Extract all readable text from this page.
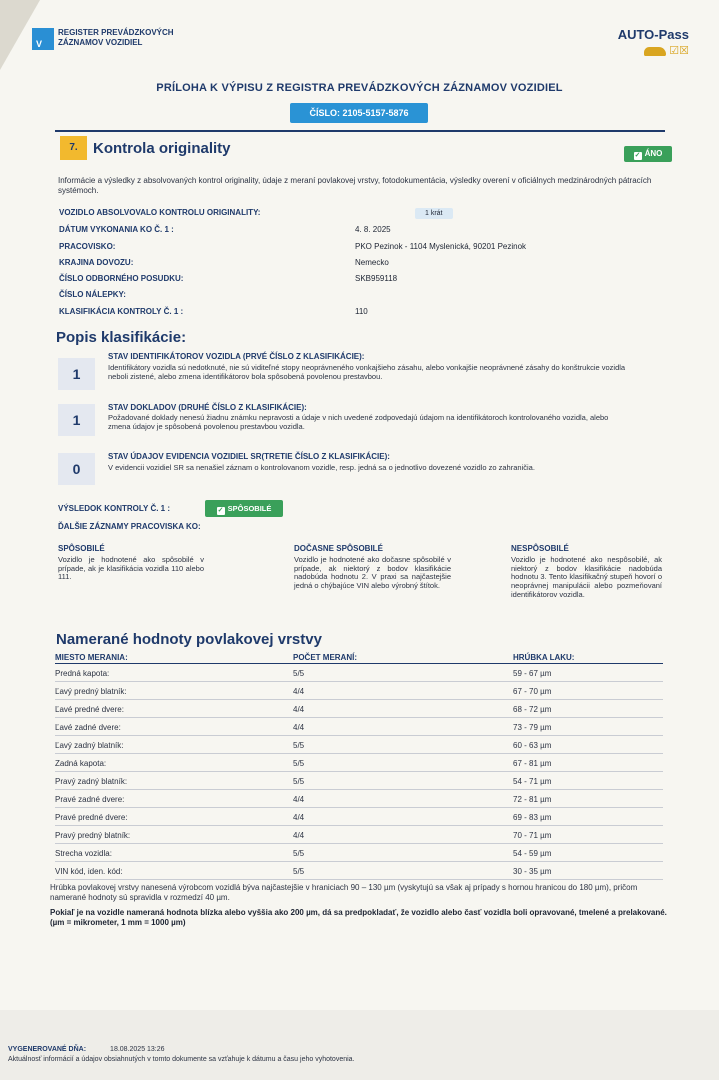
V
REGISTER PREVÁDZKOVÝCH
ZÁZNAMOV VOZIDIEL
AUTO-Pass
☑☒
PRÍLOHA K VÝPISU Z REGISTRA PREVÁDZKOVÝCH ZÁZNAMOV VOZIDIEL
ČÍSLO: 2105-5157-5876
7.	Kontrola originality	✓ ÁNO
Informácie a výsledky z absolvovaných kontrol originality, údaje z meraní povlakovej vrstvy, fotodokumentácia, výsledky overení v oficiálnych medzinárodných pátracích systémoch.
VOZIDLO ABSOLVOVALO KONTROLU ORIGINALITY:	1 krát
DÁTUM VYKONANIA KO Č. 1 :	4. 8. 2025
PRACOVISKO:	PKO Pezinok - 1104 Myslenická, 90201 Pezinok
KRAJINA DOVOZU:	Nemecko
ČÍSLO ODBORNÉHO POSUDKU:	SKB959118
ČÍSLO NÁLEPKY:
KLASIFIKÁCIA KONTROLY Č. 1 :	110
Popis klasifikácie:
1
STAV IDENTIFIKÁTOROV VOZIDLA (PRVÉ ČÍSLO Z KLASIFIKÁCIE):
Identifikátory vozidla sú nedotknuté, nie sú viditeľné stopy neoprávneného vonkajšieho zásahu, alebo vonkajšie neoprávnené zásahy do konštrukcie vozidla neboli zistené, alebo zmena identifikátorov bola spôsobená povolenou prestavbou.
1
STAV DOKLADOV (DRUHÉ ČÍSLO Z KLASIFIKÁCIE):
Požadované doklady nenesú žiadnu známku nepravosti a údaje v nich uvedené zodpovedajú údajom na identifikátoroch kontrolovaného vozidla, alebo zmena údajov je spôsobená povolenou prestavbou vozidla.
0
STAV ÚDAJOV EVIDENCIA VOZIDIEL SR(TRETIE ČÍSLO Z KLASIFIKÁCIE):
V evidencii vozidiel SR sa nenašiel záznam o kontrolovanom vozidle, resp. jedná sa o jednotlivo dovezené vozidlo zo zahraničia.
VÝSLEDOK KONTROLY Č. 1 :	✓ SPÔSOBILÉ
ĎALŠIE ZÁZNAMY PRACOVISKA KO:
SPÔSOBILÉ
Vozidlo je hodnotené ako spôsobilé v prípade, ak je klasifikácia vozidla 110 alebo 111.
DOČASNE SPÔSOBILÉ
Vozidlo je hodnotené ako dočasne spôsobilé v prípade, ak niektorý z bodov klasifikácie nadobúda hodnotu 2. V praxi sa najčastejšie jedná o chýbajúce VIN alebo výrobný štítok.
NESPÔSOBILÉ
Vozidlo je hodnotené ako nespôsobilé, ak niektorý z bodov klasifikácie nadobúda hodnotu 3. Tento klasifikačný stupeň hovorí o neoprávnej manipulácii alebo pozmeňovaní identifikátorov vozidla.
Namerané hodnoty povlakovej vrstvy
MIESTO MERANIA:	POČET MERANÍ:	HRÚBKA LAKU:
Predná kapota:	5/5	59 - 67 µm
Ľavý predný blatník:	4/4	67 - 70 µm
Ľavé predné dvere:	4/4	68 - 72 µm
Ľavé zadné dvere:	4/4	73 - 79 µm
Ľavý zadný blatník:	5/5	60 - 63 µm
Zadná kapota:	5/5	67 - 81 µm
Pravý zadný blatník:	5/5	54 - 71 µm
Pravé zadné dvere:	4/4	72 - 81 µm
Pravé predné dvere:	4/4	69 - 83 µm
Pravý predný blatník:	4/4	70 - 71 µm
Strecha vozidla:	5/5	54 - 59 µm
VIN kód, iden. kód:	5/5	30 - 35 µm
Hrúbka povlakovej vrstvy nanesená výrobcom vozidlá býva najčastejšie v hraniciach 90 – 130 µm (vyskytujú sa však aj prípady s hornou hranicou do 180 µm), pričom namerané hodnoty sú spravidla v rozmedzí 40 µm.
Pokiaľ je na vozidle nameraná hodnota blízka alebo vyššia ako 200 µm, dá sa predpokladať, že vozidlo alebo časť vozidla boli opravované, tmelené a prelakované. (µm = mikrometer, 1 mm = 1000 µm)
VYGENEROVANÉ DŇA:	18.08.2025 13:26
Aktuálnosť informácií a údajov obsiahnutých v tomto dokumente sa vzťahuje k dátumu a času jeho vyhotovenia.
